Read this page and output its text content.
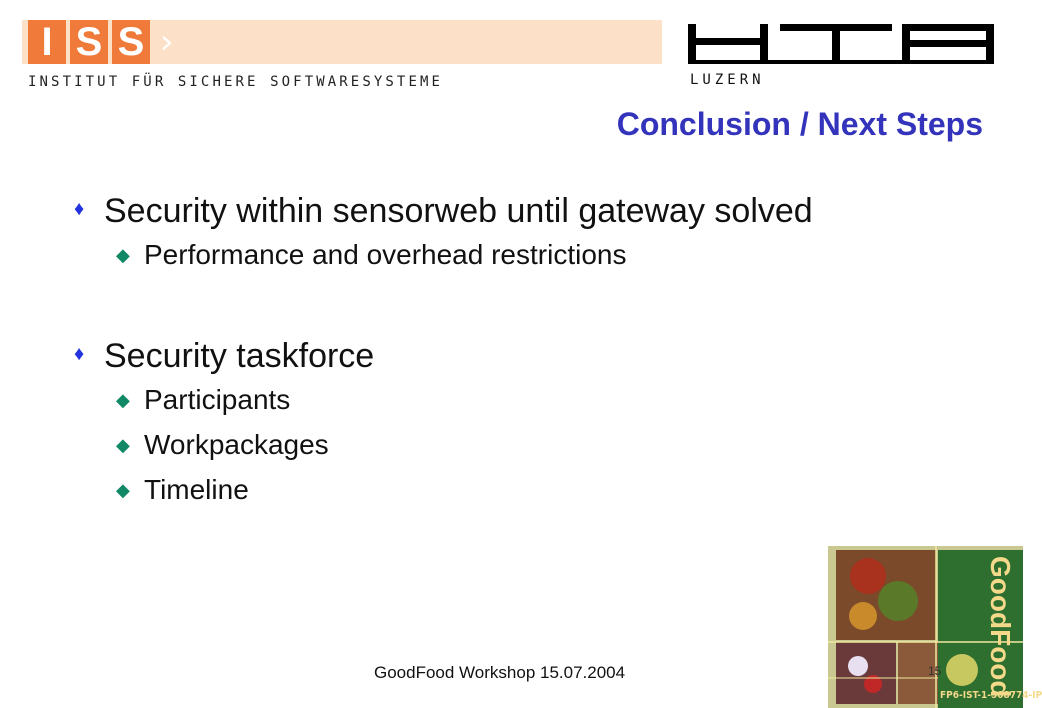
I S S ›
INSTITUT FÜR SICHERE SOFTWARESYSTEME	LUZERN
Conclusion / Next Steps
♦ Security within sensorweb until gateway solved
◆ Performance and overhead restrictions
♦ Security taskforce
◆ Participants
◆ Workpackages
◆ Timeline
GoodFood
FP6-IST-1-508774-IP
GoodFood Workshop 15.07.2004	15
